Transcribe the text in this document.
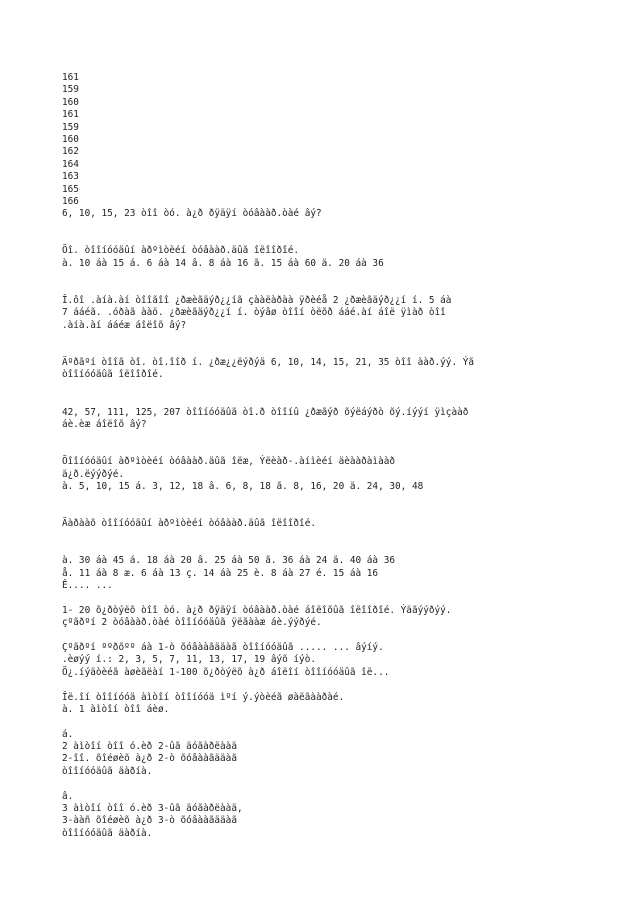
161
159
160
161
159
160
162
164
163
165
166
6, 10, 15, 23 òîî òó. à¿ð ðÿäÿí òóâààð.òàé âý?
Õî. òîîíóóäûí àðºìòèéí òóâààð.äûã îëîîðîé.
à. 10 áà 15 á. 6 áà 14 â. 8 áà 16 ã. 15 áà 60 ä. 20 áà 36
Î.ôî .àíà.àí òîîãîî ¿ðæèãäýð¿¿íã çààëàðàà ÿðèéå 2 ¿ðæèãäýð¿¿í í. 5 áà
7 ááéã. .óðàã ààö. ¿ðæèãäýð¿¿í í. òýâø òîîí òëõð ááé.àí áîë ÿìàð òîî
.àíà.àí ááéæ áîëîõ âý?
Äºðãºí òîîã òî. òî.îîð í. ¿ðæ¿¿ëýðýä 6, 10, 14, 15, 21, 35 òîî ààð.ýý. Ýã
òîîíóóäûã îëîîðîé.
42, 57, 111, 125, 207 òîîíóóäûã òî.ð òîîíû ¿ðæãýð õýëáýðò õý.íýýí ÿìçààð
áè.èæ áîëîõ âý?
Õîîíóóäûí àðºìòèéí òóâààð.äûã îëæ, Ýëèàð-.àíìèéí äèààðàìààð
ä¿ð.ëýýðýé.
à. 5, 10, 15 á. 3, 12, 18 â. 6, 8, 18 ã. 8, 16, 20 ä. 24, 30, 48
Äàðààõ òîîíóóäûí àðºìòèéí òóâààð.äûã îëîîðîé.
à. 30 áà 45 á. 18 áà 20 â. 25 áà 50 ã. 36 áà 24 ä. 40 áà 36
å. 11 áà 8 æ. 6 áà 13 ç. 14 áà 25 è. 8 áà 27 é. 15 áà 16
Ê.... ...
1- 20 õ¿ðòýëõ òîî òó. à¿ð ðÿäÿí òóâààð.òàé áîëîõûã îëîîðîé. Ýäãýýðýý.
çºãðºí 2 òóâààð.òàé òîîíóóäûã ÿëãààæ áè.ýýðýé.
Çºãðºí ººðõºº áà 1-ò õóâààãääàã òîîíóóäûã ..... ... âýíý.
.èøýý í.: 2, 3, 5, 7, 11, 13, 17, 19 âýõ íýò.
Õ¿.íýäòèéã àøèãëàí 1-100 õ¿ðòýëõ à¿ð áîëîí òîîíóóäûã îë...
Îë.îí òîîíóóä àìòîí òîîíóóä ìºí ý.ýòèéã øàëãààðàé.
à. 1 àìòîí òîî áèø.
á.
2 àìòîí òîî ó.èð 2-ûã äóãàðëààä
2-îî. õîéøèõ à¿ð 2-ò õóâààãääàã
òîîíóóäûã äàðíà.
â.
3 àìòîí òîî ó.èð 3-ûã äóãàðëààä,
3-ààñ õîéøèõ à¿ð 3-ò õóâààãääàã
òîîíóóäûã äàðíà.
